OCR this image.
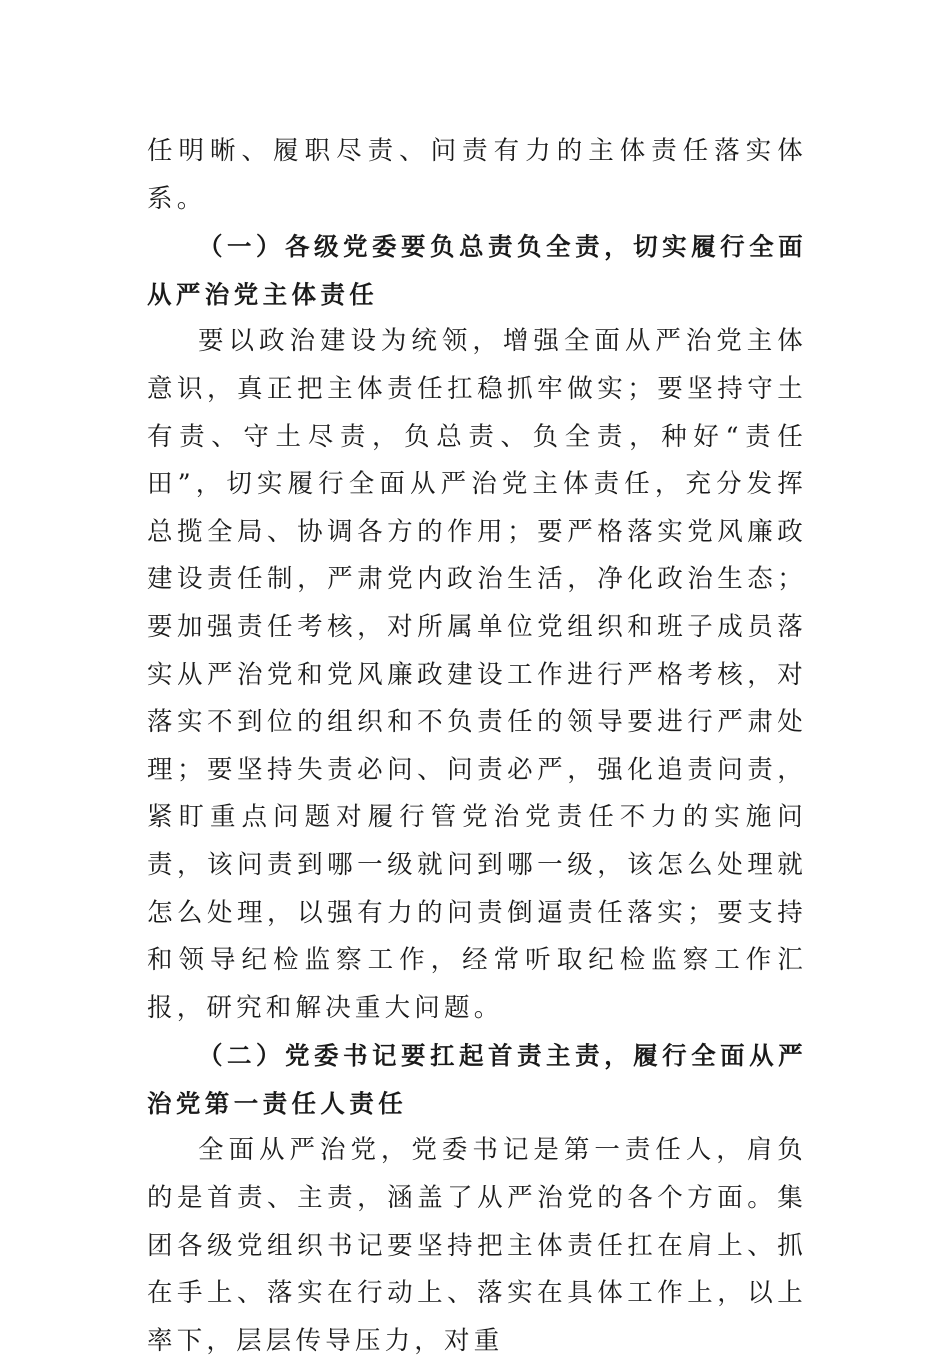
任明晰、履职尽责、问责有力的主体责任落实体系。

（一）各级党委要负总责负全责，切实履行全面从严治党主体责任

要以政治建设为统领，增强全面从严治党主体意识，真正把主体责任扛稳抓牢做实；要坚持守土有责、守土尽责，负总责、负全责，种好“责任田”，切实履行全面从严治党主体责任，充分发挥总揽全局、协调各方的作用；要严格落实党风廉政建设责任制，严肃党内政治生活，净化政治生态；要加强责任考核，对所属单位党组织和班子成员落实从严治党和党风廉政建设工作进行严格考核，对落实不到位的组织和不负责任的领导要进行严肃处理；要坚持失责必问、问责必严，强化追责问责，紧盯重点问题对履行管党治党责任不力的实施问责，该问责到哪一级就问到哪一级，该怎么处理就怎么处理，以强有力的问责倒逼责任落实；要支持和领导纪检监察工作，经常听取纪检监察工作汇报，研究和解决重大问题。

（二）党委书记要扛起首责主责，履行全面从严治党第一责任人责任

全面从严治党，党委书记是第一责任人，肩负的是首责、主责，涵盖了从严治党的各个方面。集团各级党组织书记要坚持把主体责任扛在肩上、抓在手上、落实在行动上、落实在具体工作上，以上率下，层层传导压力，对重
